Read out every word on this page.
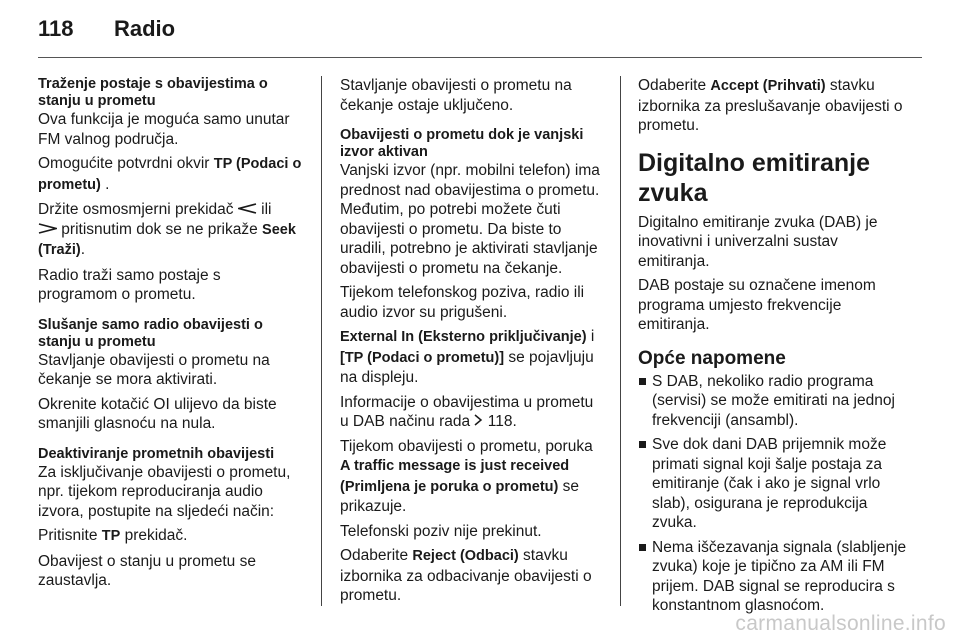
118 Radio
Traženje postaje s obavijestima o stanju u prometu

Ova funkcija je moguća samo unutar FM valnog područja.

Omogućite potvrdni okvir TP (Podaci o prometu) .

Držite osmosmjerni prekidač  ili
pritisnutim dok se ne prikaže Seek (Traži).

Radio traži samo postaje s programom o prometu.

Slušanje samo radio obavijesti o stanju u prometu

Stavljanje obavijesti o prometu na čekanje se mora aktivirati.

Okrenite kotačić OI ulijevo da biste smanjili glasnoću na nula.

Deaktiviranje prometnih obavijesti

Za isključivanje obavijesti o prometu, npr. tijekom reproduciranja audio izvora, postupite na sljedeći način:

Pritisnite TP prekidač.

Obavijest o stanju u prometu se zaustavlja.

Stavljanje obavijesti o prometu na čekanje ostaje uključeno.

Obavijesti o prometu dok je vanjski izvor aktivan

Vanjski izvor (npr. mobilni telefon) ima prednost nad obavijestima o prometu. Međutim, po potrebi možete čuti obavijesti o prometu. Da biste to uradili, potrebno je aktivirati stavljanje obavijesti o prometu na čekanje.

Tijekom telefonskog poziva, radio ili audio izvor su prigušeni.

External In (Eksterno priključivanje) i
[TP (Podaci o prometu)] se pojavljuju na displeju.

Informacije o obavijestima u prometu u DAB načinu rada  118.

Tijekom obavijesti o prometu, poruka A traffic message is just received (Primljena je poruka o prometu) se prikazuje.

Telefonski poziv nije prekinut.

Odaberite Reject (Odbaci) stavku izbornika za odbacivanje obavijesti o prometu.

Odaberite Accept (Prihvati) stavku izbornika za preslušavanje obavijesti o prometu.

Digitalno emitiranje zvuka

Digitalno emitiranje zvuka (DAB) je inovativni i univerzalni sustav emitiranja.

DAB postaje su označene imenom programa umjesto frekvencije emitiranja.

Opće napomene
S DAB, nekoliko radio programa (servisi) se može emitirati na jednoj frekvenciji (ansambl).
Sve dok dani DAB prijemnik može primati signal koji šalje postaja za emitiranje (čak i ako je signal vrlo slab), osigurana je reprodukcija zvuka.
Nema iščezavanja signala (slabljenje zvuka) koje je tipično za AM ili FM prijem. DAB signal se reproducira s konstantnom glasnoćom.
carmanualsonline.info
